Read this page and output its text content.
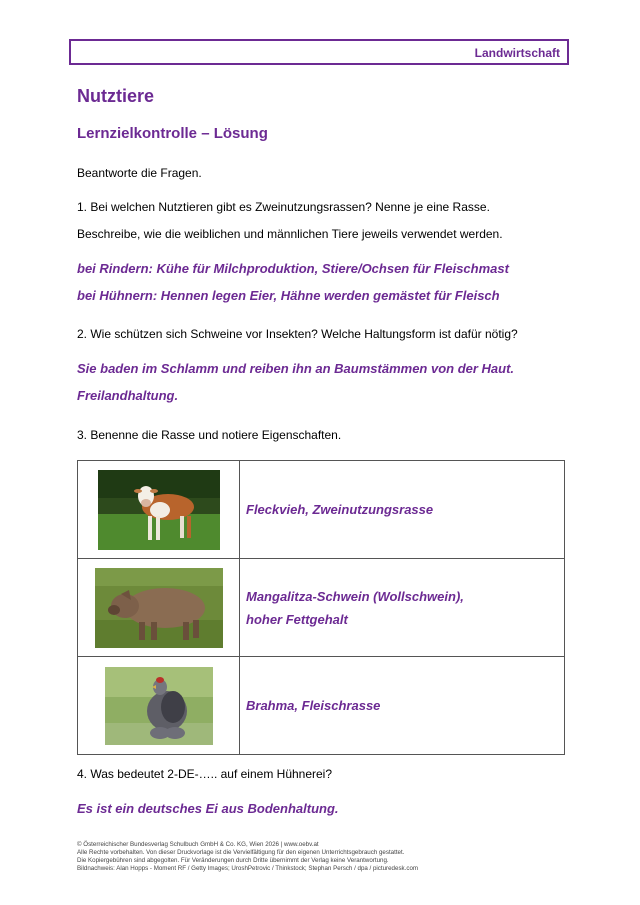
Landwirtschaft
Nutztiere
Lernzielkontrolle – Lösung
Beantworte die Fragen.
1. Bei welchen Nutztieren gibt es Zweinutzungsrassen? Nenne je eine Rasse.
Beschreibe, wie die weiblichen und männlichen Tiere jeweils verwendet werden.
bei Rindern: Kühe für Milchproduktion, Stiere/Ochsen für Fleischmast
bei Hühnern: Hennen legen Eier, Hähne werden gemästet für Fleisch
2. Wie schützen sich Schweine vor Insekten? Welche Haltungsform ist dafür nötig?
Sie baden im Schlamm und reiben ihn an Baumstämmen von der Haut.
Freilandhaltung.
3. Benenne die Rasse und notiere Eigenschaften.

Fleckvieh, Zweinutzungsrasse

Mangalitza-Schwein (Wollschwein),
hoher Fettgehalt

Brahma, Fleischrasse
4. Was bedeutet 2-DE-….. auf einem Hühnerei?
Es ist ein deutsches Ei aus Bodenhaltung.
© Österreichischer Bundesverlag Schulbuch GmbH & Co. KG, Wien 2026 | www.oebv.at
Alle Rechte vorbehalten. Von dieser Druckvorlage ist die Vervielfältigung für den eigenen Unterrichtsgebrauch gestattet.
Die Kopiergebühren sind abgegolten. Für Veränderungen durch Dritte übernimmt der Verlag keine Verantwortung.
Bildnachweis: Alan Hopps - Moment RF / Getty Images; UroshPetrovic / Thinkstock; Stephan Persch / dpa / picturedesk.com
